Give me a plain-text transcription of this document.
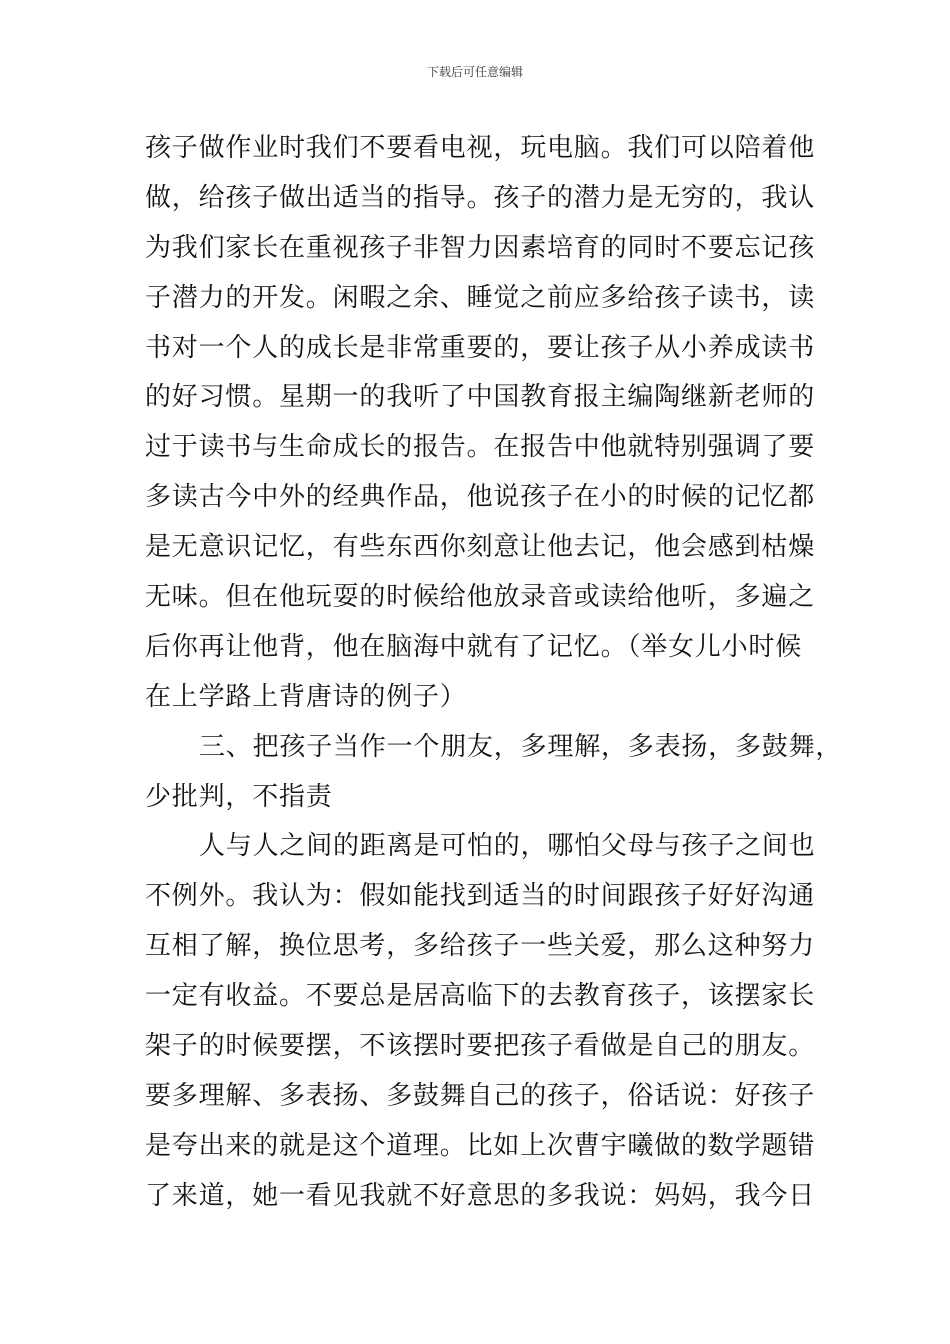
下载后可任意编辑
孩子做作业时我们不要看电视，玩电脑。我们可以陪着他
做，给孩子做出适当的指导。孩子的潜力是无穷的，我认
为我们家长在重视孩子非智力因素培育的同时不要忘记孩
子潜力的开发。闲暇之余、睡觉之前应多给孩子读书，读
书对一个人的成长是非常重要的，要让孩子从小养成读书
的好习惯。星期一的我听了中国教育报主编陶继新老师的
过于读书与生命成长的报告。在报告中他就特别强调了要
多读古今中外的经典作品，他说孩子在小的时候的记忆都
是无意识记忆，有些东西你刻意让他去记，他会感到枯燥
无味。但在他玩耍的时候给他放录音或读给他听，多遍之
后你再让他背，他在脑海中就有了记忆。（举女儿小时候
在上学路上背唐诗的例子）
三、把孩子当作一个朋友，多理解，多表扬，多鼓舞，
少批判，不指责
人与人之间的距离是可怕的，哪怕父母与孩子之间也
不例外。我认为：假如能找到适当的时间跟孩子好好沟通
互相了解，换位思考，多给孩子一些关爱，那么这种努力
一定有收益。不要总是居高临下的去教育孩子，该摆家长
架子的时候要摆，不该摆时要把孩子看做是自己的朋友。
要多理解、多表扬、多鼓舞自己的孩子，俗话说：好孩子
是夸出来的就是这个道理。比如上次曹宇曦做的数学题错
了来道，她一看见我就不好意思的多我说：妈妈，我今日
